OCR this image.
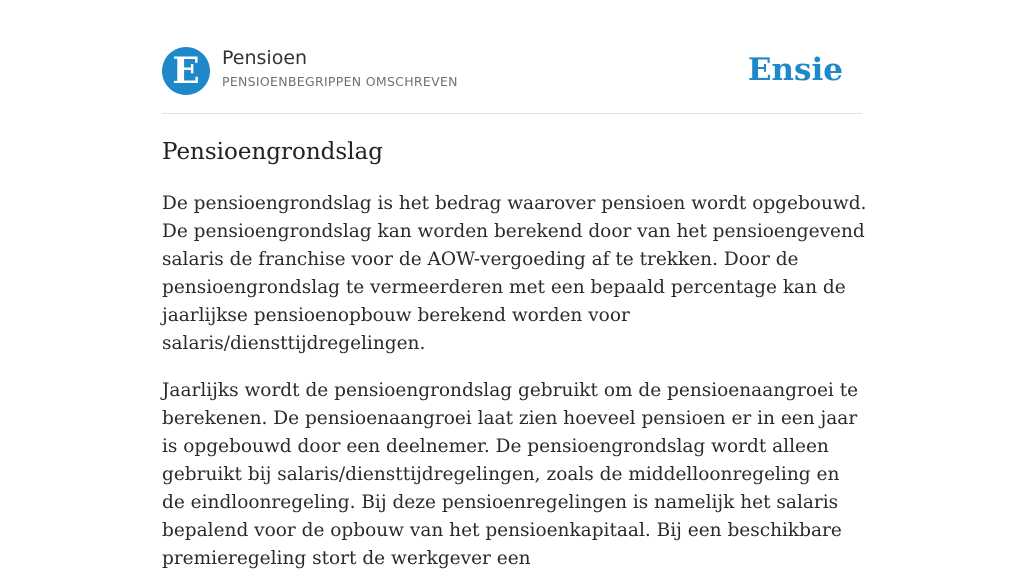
E	Pensioen
PENSIOENBEGRIPPEN OMSCHREVEN	Ensie
Pensioengrondslag

De pensioengrondslag is het bedrag waarover pensioen wordt opgebouwd. De pensioengrondslag kan worden berekend door van het pensioengevend salaris de franchise voor de AOW-vergoeding af te trekken. Door de pensioengrondslag te vermeerderen met een bepaald percentage kan de jaarlijkse pensioenopbouw berekend worden voor salaris/diensttijdregelingen.

Jaarlijks wordt de pensioengrondslag gebruikt om de pensioenaangroei te berekenen. De pensioenaangroei laat zien hoeveel pensioen er in een jaar is opgebouwd door een deelnemer. De pensioengrondslag wordt alleen gebruikt bij salaris/diensttijdregelingen, zoals de middelloonregeling en de eindloonregeling. Bij deze pensioenregelingen is namelijk het salaris bepalend voor de opbouw van het pensioenkapitaal. Bij een beschikbare premieregeling stort de werkgever een
